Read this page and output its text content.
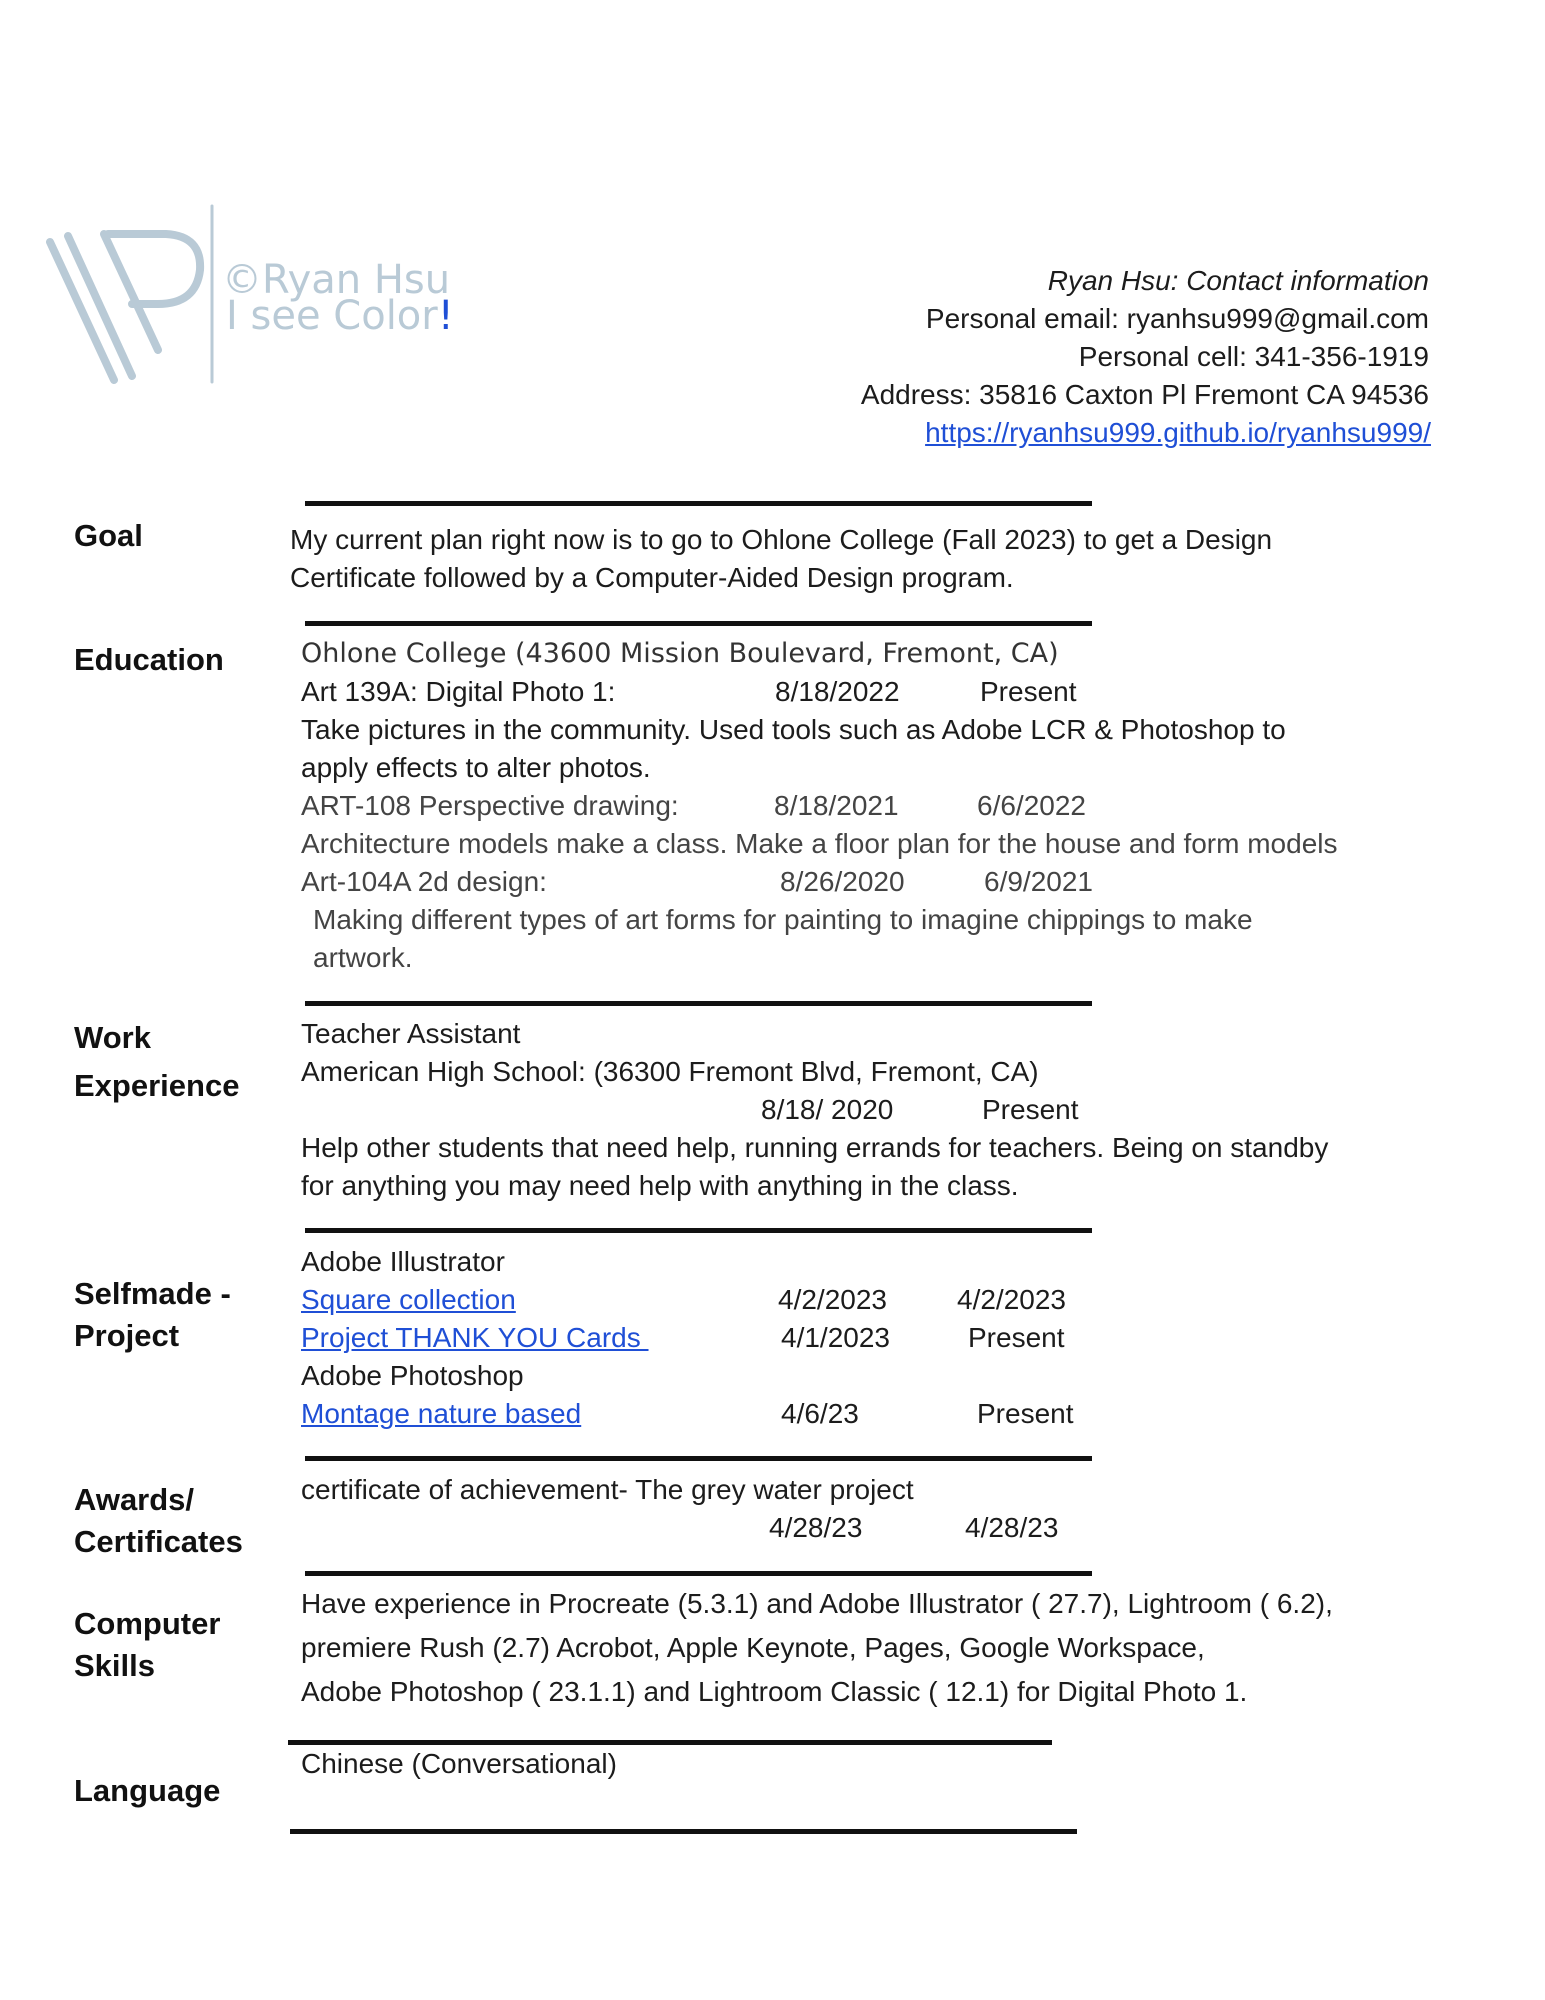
©Ryan Hsu
I see Color!
Ryan Hsu: Contact information
Personal email: ryanhsu999@gmail.com
Personal cell: 341-356-1919
Address: 35816 Caxton Pl Fremont CA 94536
https://ryanhsu999.github.io/ryanhsu999/
Goal	My current plan right now is to go to Ohlone College (Fall 2023) to get a Design
Certificate followed by a Computer-Aided Design program.
Education	Ohlone College (43600 Mission Boulevard, Fremont, CA)
Art 139A: Digital Photo 1:	8/18/2022	Present
Take pictures in the community. Used tools such as Adobe LCR & Photoshop to
apply effects to alter photos.
ART-108 Perspective drawing:	8/18/2021	6/6/2022
Architecture models make a class. Make a floor plan for the house and form models
Art-104A 2d design:	8/26/2020	6/9/2021
Making different types of art forms for painting to imagine chippings to make
artwork.
Work
Experience
Teacher Assistant
American High School: (36300 Fremont Blvd, Fremont, CA)
8/18/ 2020	Present
Help other students that need help, running errands for teachers. Being on standby
for anything you may need help with anything in the class.
Adobe Illustrator
Selfmade -
Project
Square collection	4/2/2023	4/2/2023
Project THANK YOU Cards	4/1/2023	Present
Adobe Photoshop
Montage nature based	4/6/23	Present
certificate of achievement- The grey water project
Awards/
4/28/23	4/28/23
Certificates
Have experience in Procreate (5.3.1) and Adobe Illustrator ( 27.7), Lightroom ( 6.2),
Computer
premiere Rush (2.7) Acrobot, Apple Keynote, Pages, Google Workspace,
Skills
Adobe Photoshop ( 23.1.1) and Lightroom Classic ( 12.1) for Digital Photo 1.
Chinese (Conversational)
Language
